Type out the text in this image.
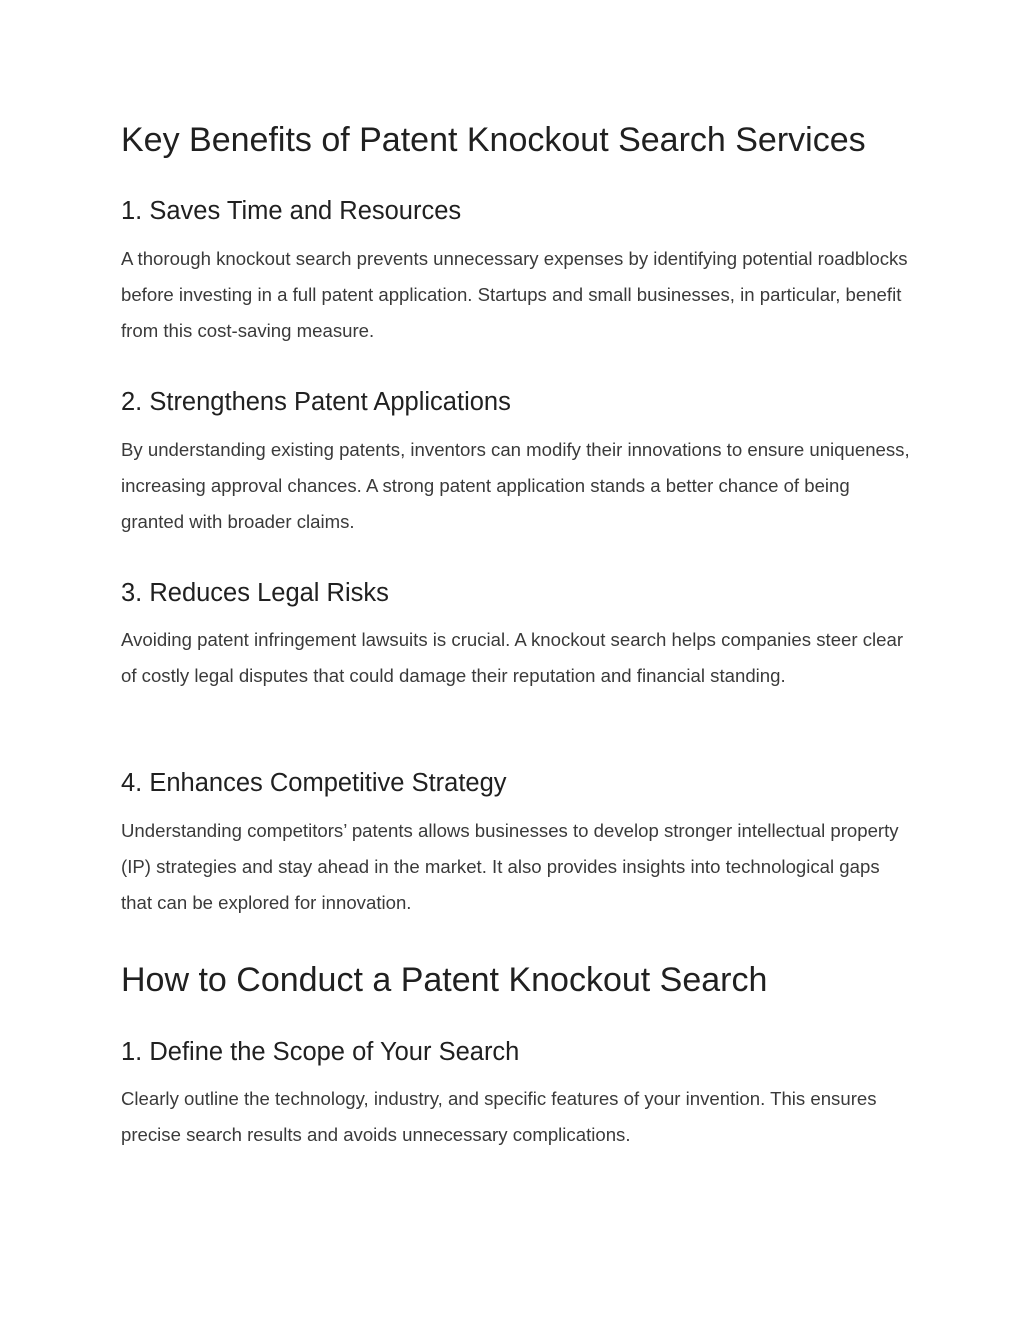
Key Benefits of Patent Knockout Search Services
1. Saves Time and Resources

A thorough knockout search prevents unnecessary expenses by identifying potential roadblocks before investing in a full patent application. Startups and small businesses, in particular, benefit from this cost-saving measure.

2. Strengthens Patent Applications

By understanding existing patents, inventors can modify their innovations to ensure uniqueness, increasing approval chances. A strong patent application stands a better chance of being granted with broader claims.

3. Reduces Legal Risks

Avoiding patent infringement lawsuits is crucial. A knockout search helps companies steer clear of costly legal disputes that could damage their reputation and financial standing.

4. Enhances Competitive Strategy

Understanding competitors’ patents allows businesses to develop stronger intellectual property (IP) strategies and stay ahead in the market. It also provides insights into technological gaps that can be explored for innovation.

How to Conduct a Patent Knockout Search
1. Define the Scope of Your Search

Clearly outline the technology, industry, and specific features of your invention. This ensures precise search results and avoids unnecessary complications.
